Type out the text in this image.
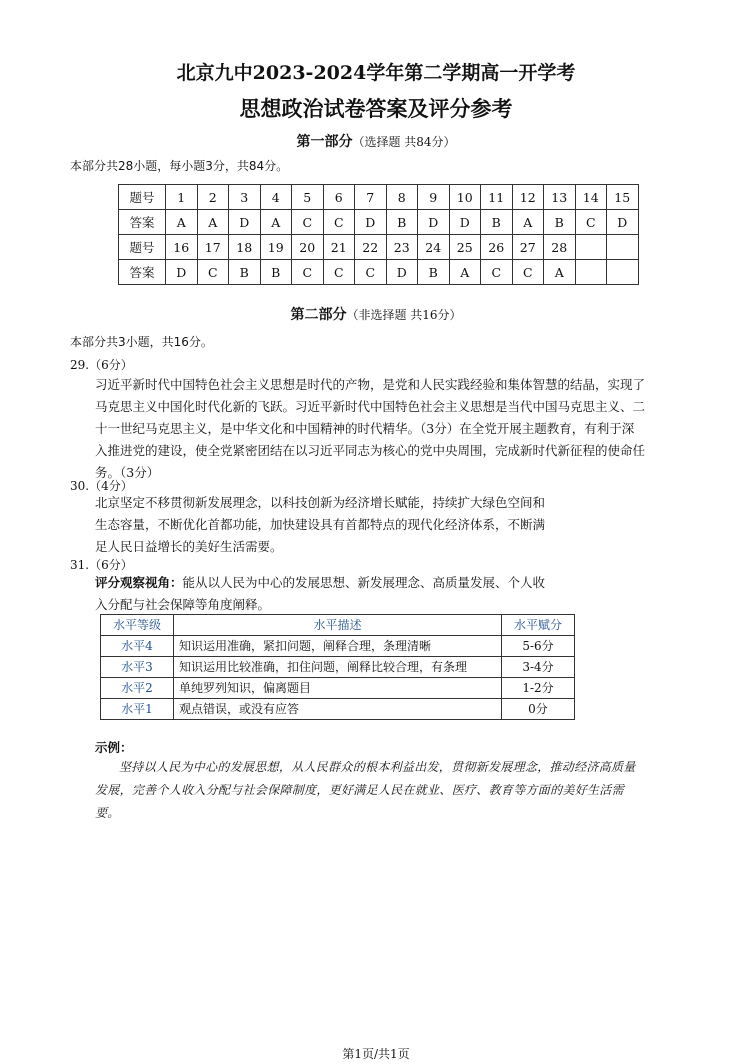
北京九中2023-2024学年第二学期高一开学考
思想政治试卷答案及评分参考
第一部分（选择题 共84分）
本部分共28小题，每小题3分，共84分。
题号	1	2	3	4	5	6	7	8	9	10	11	12	13	14	15
答案	A	A	D	A	C	C	D	B	D	D	B	A	B	C	D
题号	16	17	18	19	20	21	22	23	24	25	26	27	28		
答案	D	C	B	B	C	C	C	D	B	A	C	C	A		
第二部分（非选择题 共16分）
本部分共3小题，共16分。
29.（6分）
习近平新时代中国特色社会主义思想是时代的产物，是党和人民实践经验和集体智慧的结晶，实现了
马克思主义中国化时代化新的飞跃。习近平新时代中国特色社会主义思想是当代中国马克思主义、二
十一世纪马克思主义，是中华文化和中国精神的时代精华。（3分）在全党开展主题教育，有利于深
入推进党的建设，使全党紧密团结在以习近平同志为核心的党中央周围，完成新时代新征程的使命任
务。（3分）
30.（4分）
北京坚定不移贯彻新发展理念，以科技创新为经济增长赋能，持续扩大绿色空间和
生态容量，不断优化首都功能，加快建设具有首都特点的现代化经济体系，不断满
足人民日益增长的美好生活需要。
31.（6分）
评分观察视角：能从以人民为中心的发展思想、新发展理念、高质量发展、个人收
入分配与社会保障等角度阐释。
水平等级	水平描述	水平赋分
水平4	知识运用准确，紧扣问题，阐释合理，条理清晰	5-6分
水平3	知识运用比较准确，扣住问题，阐释比较合理，有条理	3-4分
水平2	单纯罗列知识，偏离题目	1-2分
水平1	观点错误，或没有应答	0分
示例：
坚持以人民为中心的发展思想，从人民群众的根本利益出发，贯彻新发展理念，推动经济高质量
发展，完善个人收入分配与社会保障制度，更好满足人民在就业、医疗、教育等方面的美好生活需
要。
第1页/共1页
